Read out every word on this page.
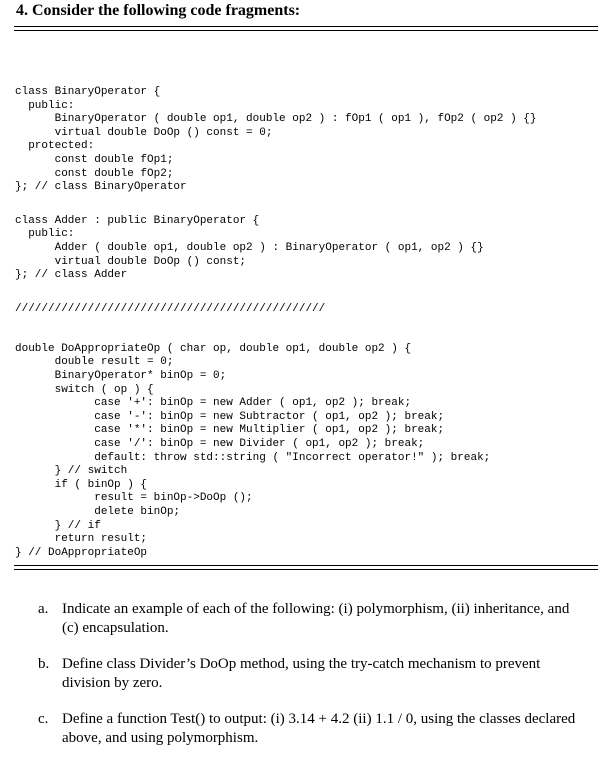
4. Consider the following code fragments:
class BinaryOperator {
public:
BinaryOperator ( double op1, double op2 ) : fOp1 ( op1 ), fOp2 ( op2 ) {}
virtual double DoOp () const = 0;
protected:
const double fOp1;
const double fOp2;
}; // class BinaryOperator
class Adder : public BinaryOperator {
public:
Adder ( double op1, double op2 ) : BinaryOperator ( op1, op2 ) {}
virtual double DoOp () const;
}; // class Adder
///////////////////////////////////////////////
double DoAppropriateOp ( char op, double op1, double op2 ) {
double result = 0;
BinaryOperator* binOp = 0;
switch ( op ) {
case '+': binOp = new Adder ( op1, op2 ); break;
case '-': binOp = new Subtractor ( op1, op2 ); break;
case '*': binOp = new Multiplier ( op1, op2 ); break;
case '/': binOp = new Divider ( op1, op2 ); break;
default: throw std::string ( "Incorrect operator!" ); break;
} // switch
if ( binOp ) {
result = binOp->DoOp ();
delete binOp;
} // if
return result;
} // DoAppropriateOp
a. Indicate an example of each of the following: (i) polymorphism, (ii) inheritance, and (c) encapsulation.
b. Define class Divider’s DoOp method, using the try-catch mechanism to prevent division by zero.
c. Define a function Test() to output: (i) 3.14 + 4.2 (ii) 1.1 / 0, using the classes declared above, and using polymorphism.
